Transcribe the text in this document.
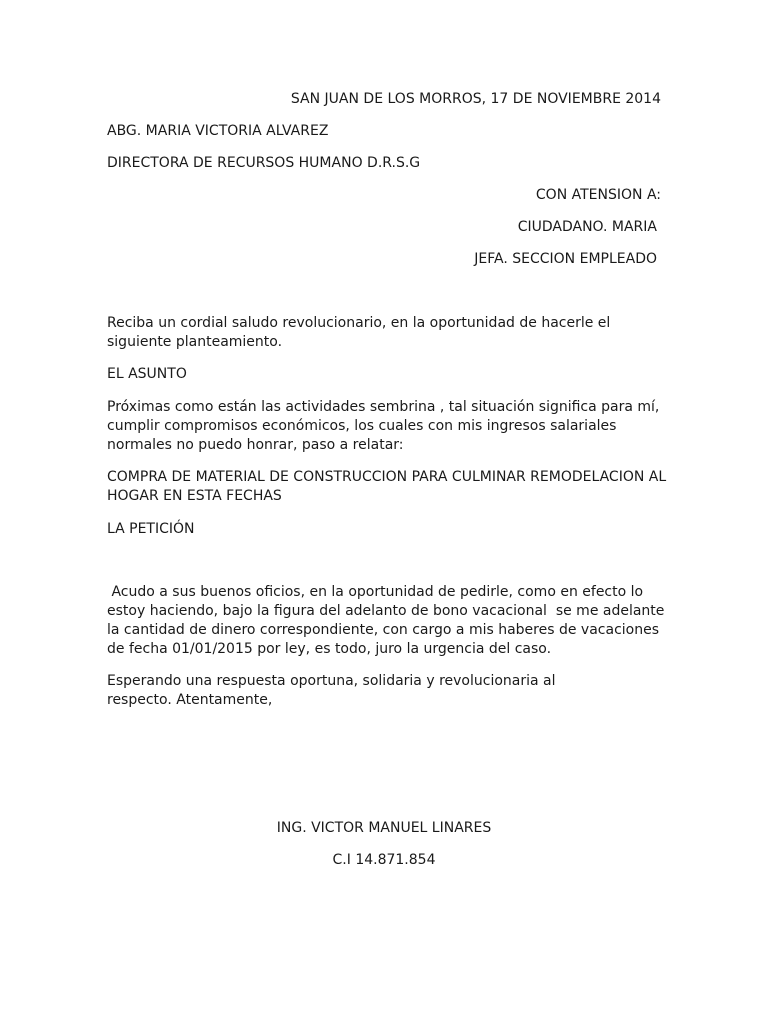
SAN JUAN DE LOS MORROS, 17 DE NOVIEMBRE 2014
ABG. MARIA VICTORIA ALVAREZ
DIRECTORA DE RECURSOS HUMANO D.R.S.G
CON ATENSION A:
CIUDADANO. MARIA
JEFA. SECCION EMPLEADO
Reciba un cordial saludo revolucionario, en la oportunidad de hacerle el
siguiente planteamiento.
EL ASUNTO
Próximas como están las actividades sembrina , tal situación significa para mí,
cumplir compromisos económicos, los cuales con mis ingresos salariales
normales no puedo honrar, paso a relatar:
COMPRA DE MATERIAL DE CONSTRUCCION PARA CULMINAR REMODELACION AL
HOGAR EN ESTA FECHAS
LA PETICIÓN
Acudo a sus buenos oficios, en la oportunidad de pedirle, como en efecto lo
estoy haciendo, bajo la figura del adelanto de bono vacacional  se me adelante
la cantidad de dinero correspondiente, con cargo a mis haberes de vacaciones
de fecha 01/01/2015 por ley, es todo, juro la urgencia del caso.
Esperando una respuesta oportuna, solidaria y revolucionaria al
respecto. Atentamente,
ING. VICTOR MANUEL LINARES
C.I 14.871.854
